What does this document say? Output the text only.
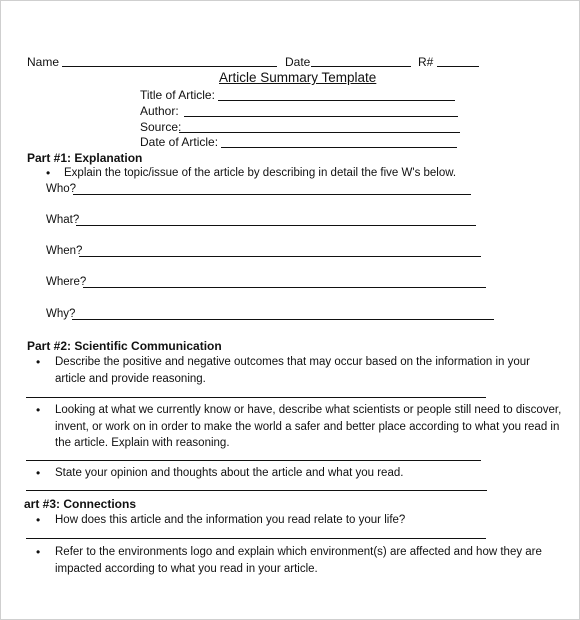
Name	Date	R#
Article Summary Template
Title of Article:
Author:
Source:
Date of Article:
Part #1: Explanation
• Explain the topic/issue of the article by describing in detail the five W's below.
Who?
What?
When?
Where?
Why?
Part #2: Scientific Communication
• Describe the positive and negative outcomes that may occur based on the information in your article and provide reasoning.
• Looking at what we currently know or have, describe what scientists or people still need to discover, invent, or work on in order to make the world a safer and better place according to what you read in the article. Explain with reasoning.
• State your opinion and thoughts about the article and what you read.
art #3: Connections
• How does this article and the information you read relate to your life?
• Refer to the environments logo and explain which environment(s) are affected and how they are impacted according to what you read in your article.
